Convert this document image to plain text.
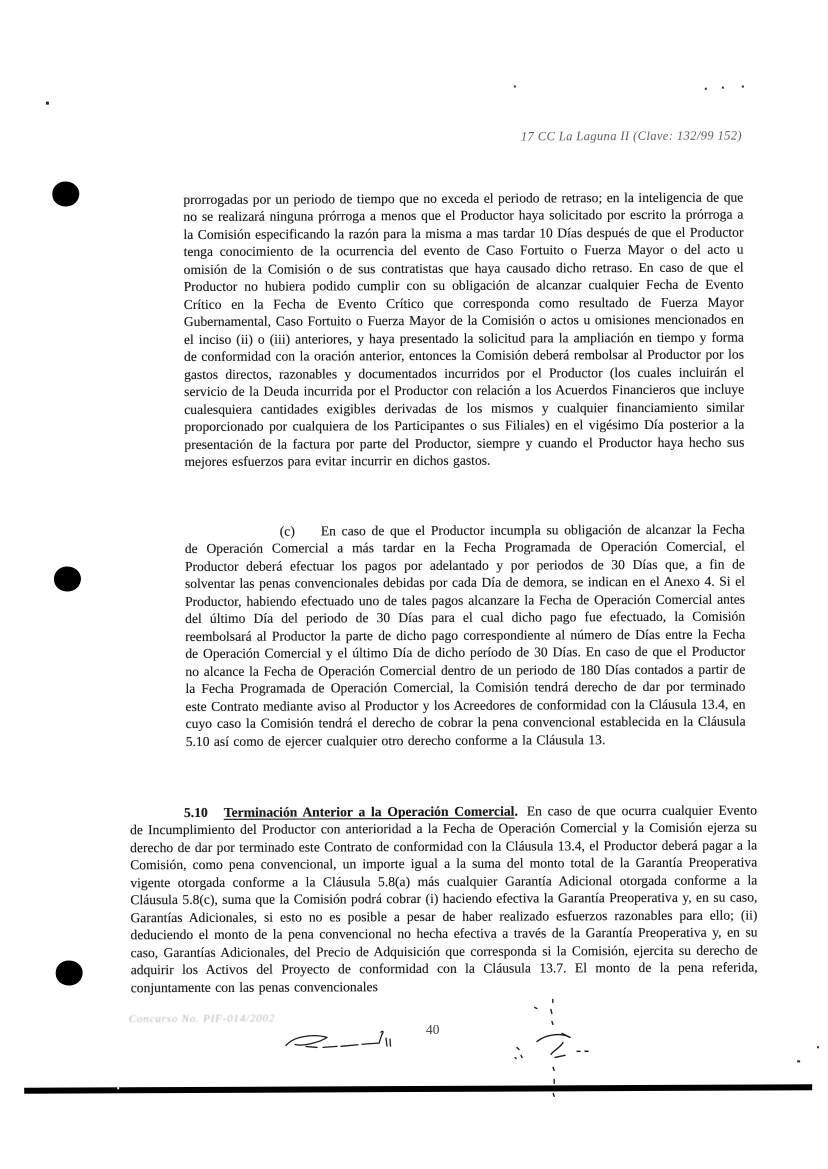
17 CC La Laguna II (Clave: 132/99 152)

prorrogadas por un periodo de tiempo que no exceda el periodo de retraso; en la inteligencia de que no se realizará ninguna prórroga a menos que el Productor haya solicitado por escrito la prórroga a la Comisión especificando la razón para la misma a mas tardar 10 Días después de que el Productor tenga conocimiento de la ocurrencia del evento de Caso Fortuito o Fuerza Mayor o del acto u omisión de la Comisión o de sus contratistas que haya causado dicho retraso. En caso de que el Productor no hubiera podido cumplir con su obligación de alcanzar cualquier Fecha de Evento Crítico en la Fecha de Evento Crítico que corresponda como resultado de Fuerza Mayor Gubernamental, Caso Fortuito o Fuerza Mayor de la Comisión o actos u omisiones mencionados en el inciso (ii) o (iii) anteriores, y haya presentado la solicitud para la ampliación en tiempo y forma de conformidad con la oración anterior, entonces la Comisión deberá rembolsar al Productor por los gastos directos, razonables y documentados incurridos por el Productor (los cuales incluirán el servicio de la Deuda incurrida por el Productor con relación a los Acuerdos Financieros que incluye cualesquiera cantidades exigibles derivadas de los mismos y cualquier financiamiento similar proporcionado por cualquiera de los Participantes o sus Filiales) en el vigésimo Día posterior a la presentación de la factura por parte del Productor, siempre y cuando el Productor haya hecho sus mejores esfuerzos para evitar incurrir en dichos gastos.

(c) En caso de que el Productor incumpla su obligación de alcanzar la Fecha de Operación Comercial a más tardar en la Fecha Programada de Operación Comercial, el Productor deberá efectuar los pagos por adelantado y por periodos de 30 Días que, a fin de solventar las penas convencionales debidas por cada Día de demora, se indican en el Anexo 4. Si el Productor, habiendo efectuado uno de tales pagos alcanzare la Fecha de Operación Comercial antes del último Día del periodo de 30 Días para el cual dicho pago fue efectuado, la Comisión reembolsará al Productor la parte de dicho pago correspondiente al número de Días entre la Fecha de Operación Comercial y el último Día de dicho período de 30 Días. En caso de que el Productor no alcance la Fecha de Operación Comercial dentro de un periodo de 180 Días contados a partir de la Fecha Programada de Operación Comercial, la Comisión tendrá derecho de dar por terminado este Contrato mediante aviso al Productor y los Acreedores de conformidad con la Cláusula 13.4, en cuyo caso la Comisión tendrá el derecho de cobrar la pena convencional establecida en la Cláusula 5.10 así como de ejercer cualquier otro derecho conforme a la Cláusula 13.

5.10 Terminación Anterior a la Operación Comercial. En caso de que ocurra cualquier Evento de Incumplimiento del Productor con anterioridad a la Fecha de Operación Comercial y la Comisión ejerza su derecho de dar por terminado este Contrato de conformidad con la Cláusula 13.4, el Productor deberá pagar a la Comisión, como pena convencional, un importe igual a la suma del monto total de la Garantía Preoperativa vigente otorgada conforme a la Cláusula 5.8(a) más cualquier Garantía Adicional otorgada conforme a la Cláusula 5.8(c), suma que la Comisión podrá cobrar (i) haciendo efectiva la Garantía Preoperativa y, en su caso, Garantías Adicionales, si esto no es posible a pesar de haber realizado esfuerzos razonables para ello; (ii) deduciendo el monto de la pena convencional no hecha efectiva a través de la Garantía Preoperativa y, en su caso, Garantías Adicionales, del Precio de Adquisición que corresponda si la Comisión, ejercita su derecho de adquirir los Activos del Proyecto de conformidad con la Cláusula 13.7. El monto de la pena referida, conjuntamente con las penas convencionales

Concurso No. PIF-014/2002
40
